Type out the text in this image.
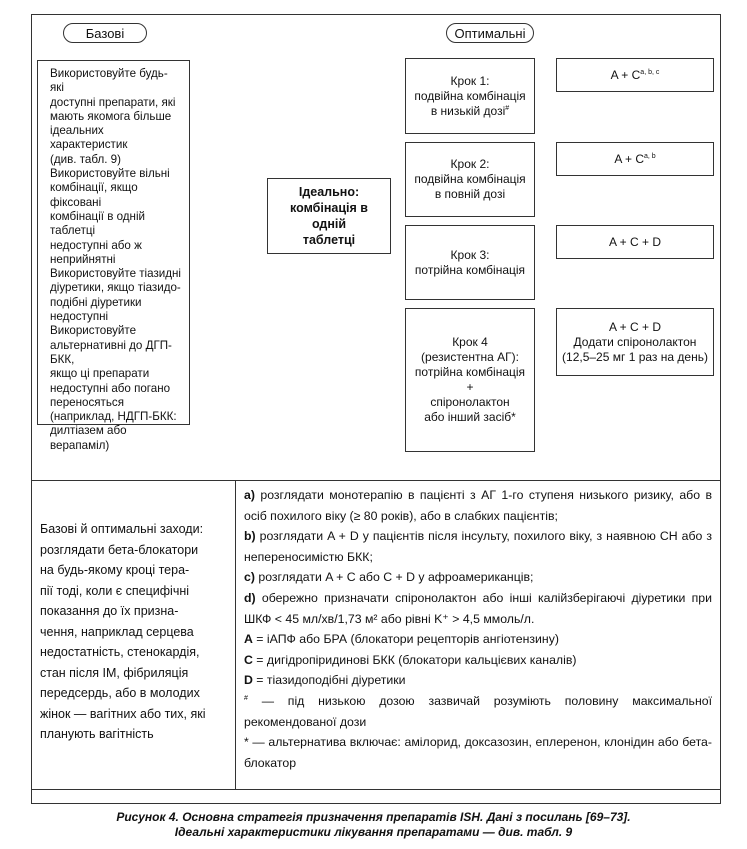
Базові	Оптимальні

Використовуйте будь-які

доступні препарати, які

мають якомога більше

ідеальних характеристик

(див. табл. 9)

Використовуйте вільні

комбінації, якщо фіксовані

комбінації в одній таблетці

недоступні або ж неприйнятні

Використовуйте тіазидні

діуретики, якщо тіазидо-

подібні діуретики

недоступні

Використовуйте

альтернативні до ДГП-БКК,

якщо ці препарати

недоступні або погано

переносяться

(наприклад, НДГП-БКК:

дилтіазем або верапаміл)

Ідеально:
комбінація в одній
таблетці
Крок 1:
подвійна комбінація
в низькій дозі#
Крок 2:
подвійна комбінація
в повній дозі
Крок 3:
потрійна комбінація
Крок 4
(резистентна АГ):
потрійна комбінація +
спіронолактон
або інший засіб*
A + C$^{a, b, c}$
A + C$^{a, b}$
A + C + D
A + C + D
Додати спіронолактон
(12,5–25 мг 1 раз на день)
Базові й оптимальні заходи:
розглядати бета-блокатори
на будь-якому кроці тера-
пії тоді, коли є специфічні
показання до їх призна-
чення, наприклад серцева
недостатність, стенокардія,
стан після ІМ, фібриляція
передсердь, або в молодих
жінок — вагітних або тих, які
планують вагітність

a) розглядати монотерапію в пацієнті з АГ 1-го ступеня низького ризику, або в осіб похилого віку (≥ 80 років), або в слабких пацієнтів;

b) розглядати A + D у пацієнтів після інсульту, похилого віку, з наявною СН або з непереносимістю БКК;

c) розглядати A + C або C + D у афроамериканців;

d) обережно призначати спіронолактон або інші калійзберігаючі діуретики при ШКФ < 45 мл/хв/1,73 м² або рівні K⁺ > 4,5 ммоль/л.

A = іАПФ або БРА (блокатори рецепторів ангіотензину)

C = дигідропіридинові БКК (блокатори кальцієвих каналів)

D = тіазидоподібні діуретики

# — під низькою дозою зазвичай розуміють половину максимальної рекомендованої дози

* — альтернатива включає: амілорид, доксазозин, еплеренон, клонідин або бета-блокатор

Рисунок 4. Основна стратегія призначення препаратів ISH. Дані з посилань [69–73].
Ідеальні характеристики лікування препаратами — див. табл. 9
